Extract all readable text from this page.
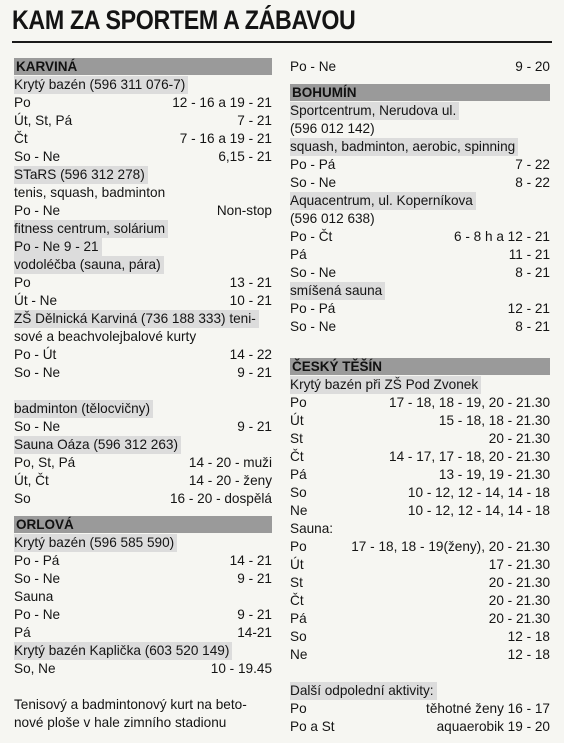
KAM ZA SPORTEM A ZÁBAVOU
KARVINÁ
Krytý bazén (596 311 076-7)
Po	12 - 16 a 19 - 21
Út, St, Pá	7 - 21
Čt	7 - 16 a 19 - 21
So - Ne	6,15 - 21
STaRS (596 312 278)
tenis, squash, badminton
Po - Ne	Non-stop
fitness centrum, solárium
Po - Ne 9 - 21
vodoléčba (sauna, pára)
Po	13 - 21
Út - Ne	10 - 21
ZŠ Dělnická Karviná (736 188 333) teni-
sové a beachvolejbalové kurty
Po - Út	14 - 22
So - Ne	9 - 21
badminton (tělocvičny)
So - Ne	9 - 21
Sauna Oáza (596 312 263)
Po, St, Pá	14 - 20 - muži
Út, Čt	14 - 20 - ženy
So	16 - 20 - dospělá
ORLOVÁ
Krytý bazén (596 585 590)
Po - Pá	14 - 21
So - Ne	9 - 21
Sauna
Po - Ne	9 - 21
Pá	14-21
Krytý bazén Kaplička (603 520 149)
So, Ne	10 - 19.45
Tenisový a badmintonový kurt na beto-
nové ploše v hale zimního stadionu
Po - Ne	9 - 20
BOHUMÍN
Sportcentrum, Nerudova ul.
(596 012 142)
squash, badminton, aerobic, spinning
Po - Pá	7 - 22
So - Ne	8 - 22
Aquacentrum, ul. Koperníkova
(596 012 638)
Po - Čt	6 - 8 h a 12 - 21
Pá	11 - 21
So - Ne	8 - 21
smíšená sauna
Po - Pá	12 - 21
So - Ne	8 - 21
ČESKÝ TĚŠÍN
Krytý bazén při ZŠ Pod Zvonek
Po	17 - 18, 18 - 19, 20 - 21.30
Út	15 - 18, 18 - 21.30
St	20 - 21.30
Čt	14 - 17, 17 - 18, 20 - 21.30
Pá	13 - 19, 19 - 21.30
So	10 - 12, 12 - 14, 14 - 18
Ne	10 - 12, 12 - 14, 14 - 18
Sauna:
Po	17 - 18, 18 - 19(ženy), 20 - 21.30
Út	17 - 21.30
St	20 - 21.30
Čt	20 - 21.30
Pá	20 - 21.30
So	12 - 18
Ne	12 - 18
Další odpolední aktivity:
Po	těhotné ženy 16 - 17
Po a St	aquaerobik 19 - 20
